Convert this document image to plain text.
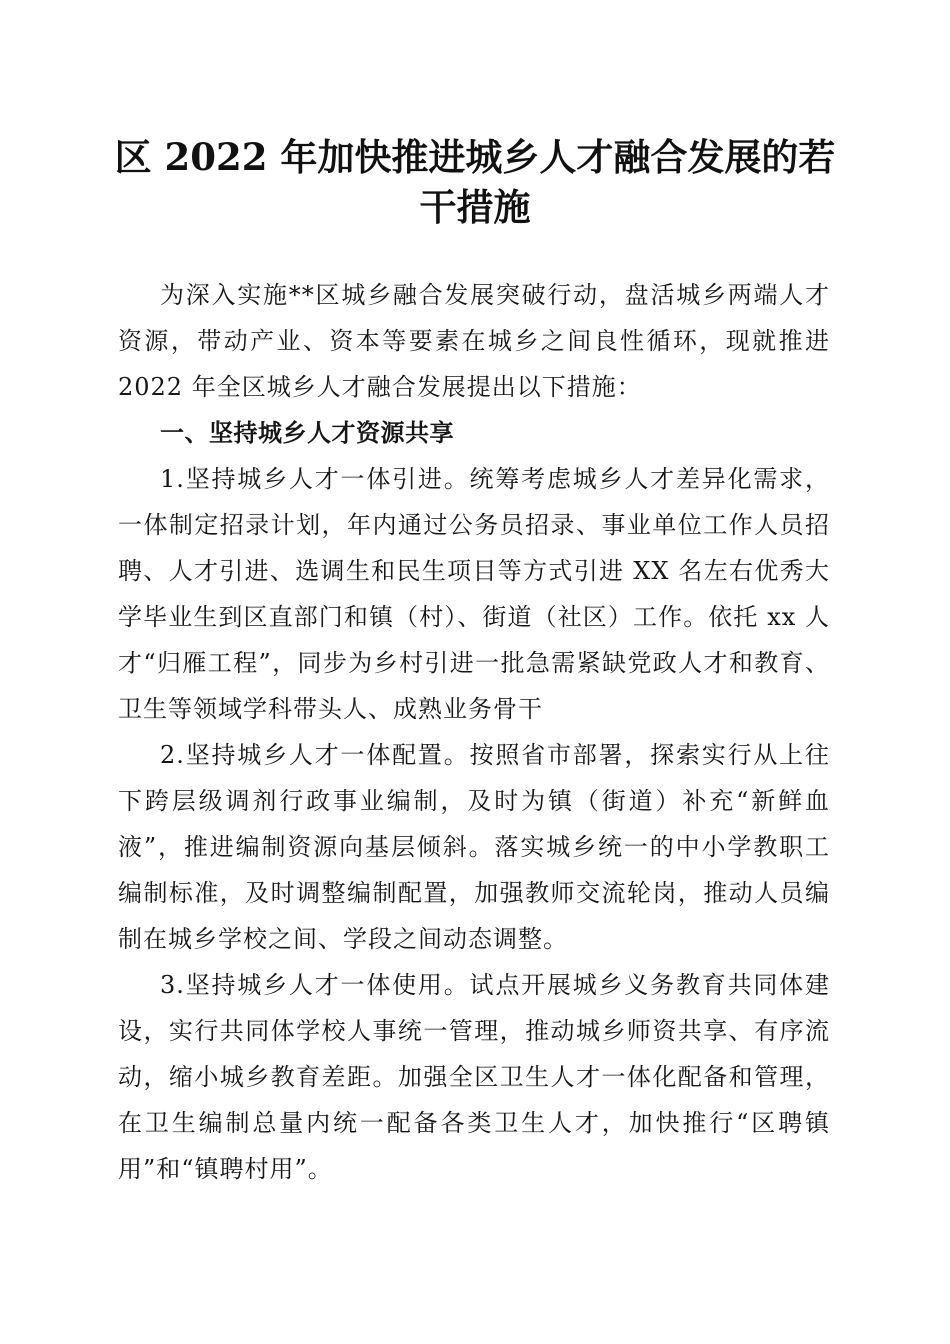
区 2022 年加快推进城乡人才融合发展的若干措施

为深入实施**区城乡融合发展突破行动，盘活城乡两端人才资源，带动产业、资本等要素在城乡之间良性循环，现就推进 2022 年全区城乡人才融合发展提出以下措施：

一、坚持城乡人才资源共享

1.坚持城乡人才一体引进。统筹考虑城乡人才差异化需求，一体制定招录计划，年内通过公务员招录、事业单位工作人员招聘、人才引进、选调生和民生项目等方式引进 XX 名左右优秀大学毕业生到区直部门和镇（村）、街道（社区）工作。依托 xx 人才“归雁工程”，同步为乡村引进一批急需紧缺党政人才和教育、卫生等领域学科带头人、成熟业务骨干

2.坚持城乡人才一体配置。按照省市部署，探索实行从上往下跨层级调剂行政事业编制，及时为镇（街道）补充“新鲜血液”，推进编制资源向基层倾斜。落实城乡统一的中小学教职工编制标准，及时调整编制配置，加强教师交流轮岗，推动人员编制在城乡学校之间、学段之间动态调整。

3.坚持城乡人才一体使用。试点开展城乡义务教育共同体建设，实行共同体学校人事统一管理，推动城乡师资共享、有序流动，缩小城乡教育差距。加强全区卫生人才一体化配备和管理，在卫生编制总量内统一配备各类卫生人才，加快推行“区聘镇用”和“镇聘村用”。
